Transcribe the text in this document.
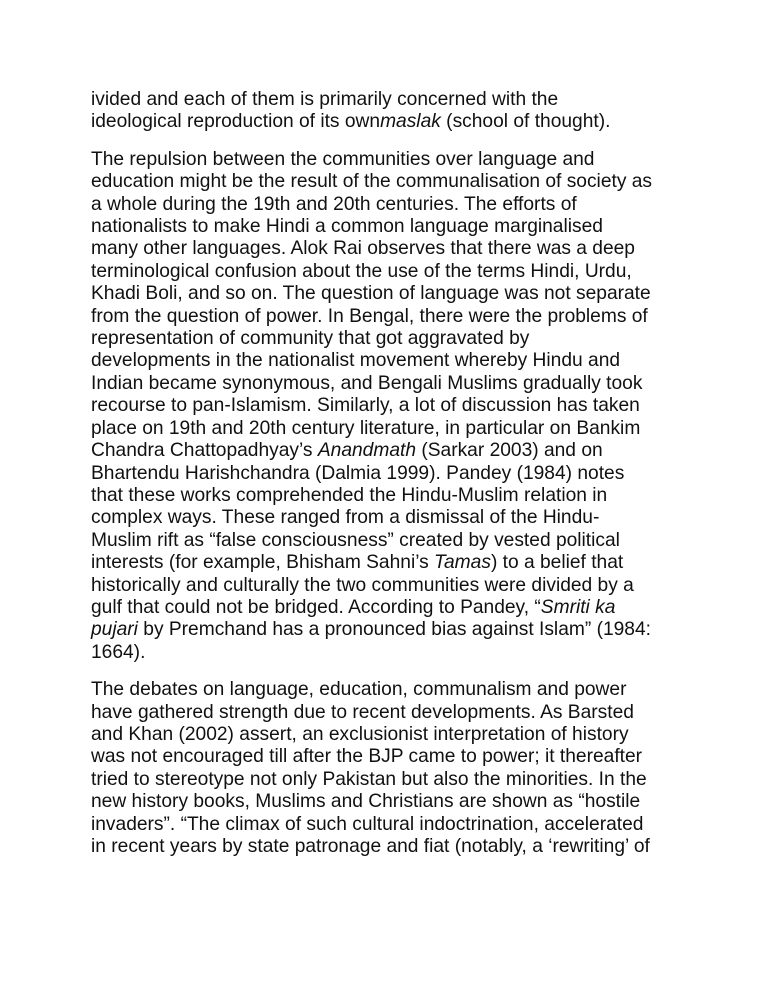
ivided and each of them is primarily concerned with the
ideological reproduction of its ownmaslak (school of thought).

The repulsion between the communities over language and
education might be the result of the communalisation of society as
a whole during the 19th and 20th centuries. The efforts of
nationalists to make Hindi a common language marginalised
many other languages. Alok Rai observes that there was a deep
terminological confusion about the use of the terms Hindi, Urdu,
Khadi Boli, and so on. The question of language was not separate
from the question of power. In Bengal, there were the problems of
representation of community that got aggravated by
developments in the nationalist movement whereby Hindu and
Indian became synonymous, and Bengali Muslims gradually took
recourse to pan-Islamism. Similarly, a lot of discussion has taken
place on 19th and 20th century literature, in particular on Bankim
Chandra Chattopadhyay’s Anandmath (Sarkar 2003) and on
Bhartendu Harishchandra (Dalmia 1999). Pandey (1984) notes
that these works comprehended the Hindu-Muslim relation in
complex ways. These ranged from a dismissal of the Hindu-
Muslim rift as “false consciousness” created by vested political
interests (for example, Bhisham Sahni’s Tamas) to a belief that
historically and culturally the two communities were divided by a
gulf that could not be bridged. According to Pandey, “Smriti ka
pujari by Premchand has a pronounced bias against Islam” (1984:
1664).

The debates on language, education, communalism and power
have gathered strength due to recent developments. As Barsted
and Khan (2002) assert, an exclusionist interpretation of history
was not encouraged till after the BJP came to power; it thereafter
tried to stereotype not only Pakistan but also the minorities. In the
new history books, Muslims and Christians are shown as “hostile
invaders”. “The climax of such cultural indoctrination, accelerated
in recent years by state patronage and fiat (notably, a ‘rewriting’ of
